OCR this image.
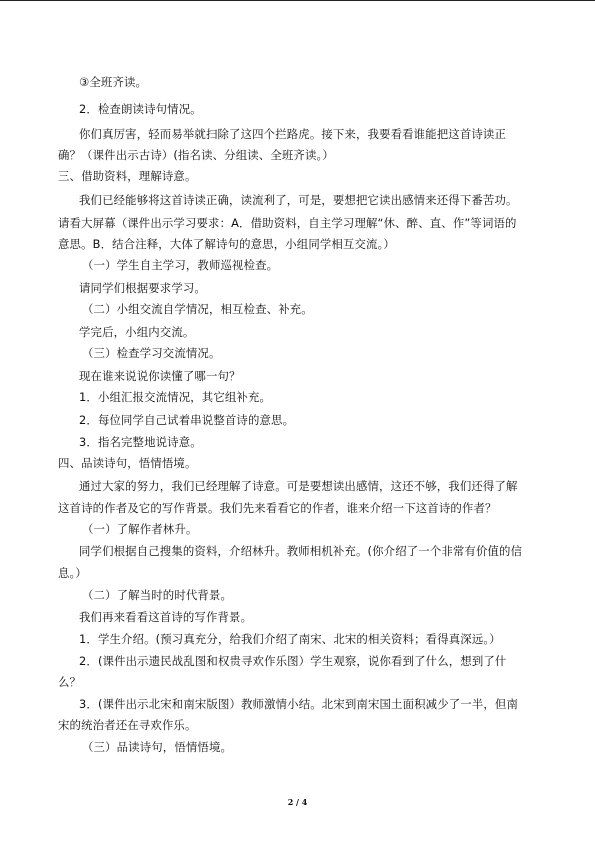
③全班齐读。
2．检查朗读诗句情况。
你们真厉害，轻而易举就扫除了这四个拦路虎。接下来，我要看看谁能把这首诗读正
确？（课件出示古诗）(指名读、分组读、全班齐读。）
三、借助资料，理解诗意。
我们已经能够将这首诗读正确，读流利了，可是，要想把它读出感情来还得下番苦功。
请看大屏幕（课件出示学习要求：A．借助资料，自主学习理解“休、醉、直、作”等词语的
意思。B．结合注释，大体了解诗句的意思，小组同学相互交流。）
（一）学生自主学习，教师巡视检查。
请同学们根据要求学习。
（二）小组交流自学情况，相互检查、补充。
学完后，小组内交流。
（三）检查学习交流情况。
现在谁来说说你读懂了哪一句？
1．小组汇报交流情况，其它组补充。
2．每位同学自己试着串说整首诗的意思。
3．指名完整地说诗意。
四、品读诗句，悟情悟境。
通过大家的努力，我们已经理解了诗意。可是要想读出感情，这还不够，我们还得了解
这首诗的作者及它的写作背景。我们先来看看它的作者，谁来介绍一下这首诗的作者？
（一）了解作者林升。
同学们根据自己搜集的资料，介绍林升。教师相机补充。(你介绍了一个非常有价值的信
息。）
（二）了解当时的时代背景。
我们再来看看这首诗的写作背景。
1．学生介绍。(预习真充分，给我们介绍了南宋、北宋的相关资料；看得真深远。）
2．(课件出示遗民战乱图和权贵寻欢作乐图）学生观察，说你看到了什么，想到了什
么？
3．(课件出示北宋和南宋版图）教师激情小结。北宋到南宋国土面积减少了一半，但南
宋的统治者还在寻欢作乐。
（三）品读诗句，悟情悟境。
2 / 4
